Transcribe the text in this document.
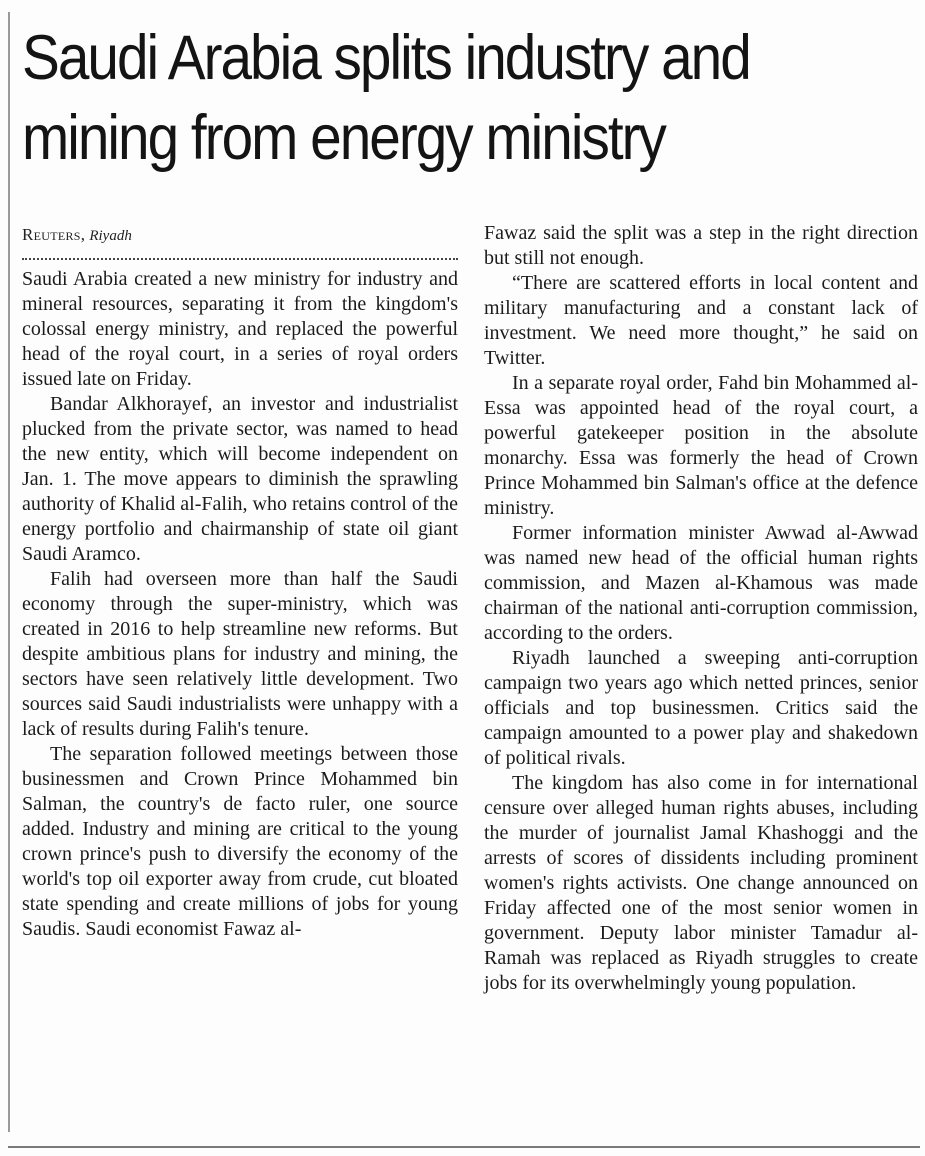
Saudi Arabia splits industry and
mining from energy ministry
Reuters, Riyadh

Saudi Arabia created a new ministry for industry and mineral resources, separating it from the kingdom's colossal energy ministry, and replaced the powerful head of the royal court, in a series of royal orders issued late on Friday.

Bandar Alkhorayef, an investor and industrialist plucked from the private sector, was named to head the new entity, which will become independent on Jan. 1. The move appears to diminish the sprawling authority of Khalid al-Falih, who retains control of the energy portfolio and chairmanship of state oil giant Saudi Aramco.

Falih had overseen more than half the Saudi economy through the super-ministry, which was created in 2016 to help streamline new reforms. But despite ambitious plans for industry and mining, the sectors have seen relatively little development. Two sources said Saudi industrialists were unhappy with a lack of results during Falih's tenure.

The separation followed meetings between those businessmen and Crown Prince Mohammed bin Salman, the country's de facto ruler, one source added. Industry and mining are critical to the young crown prince's push to diversify the economy of the world's top oil exporter away from crude, cut bloated state spending and create millions of jobs for young Saudis. Saudi economist Fawaz al-

Fawaz said the split was a step in the right direction but still not enough.

“There are scattered efforts in local content and military manufacturing and a constant lack of investment. We need more thought,” he said on Twitter.

In a separate royal order, Fahd bin Mohammed al-Essa was appointed head of the royal court, a powerful gatekeeper position in the absolute monarchy. Essa was formerly the head of Crown Prince Mohammed bin Salman's office at the defence ministry.

Former information minister Awwad al-Awwad was named new head of the official human rights commission, and Mazen al-Khamous was made chairman of the national anti-corruption commission, according to the orders.

Riyadh launched a sweeping anti-corruption campaign two years ago which netted princes, senior officials and top businessmen. Critics said the campaign amounted to a power play and shakedown of political rivals.

The kingdom has also come in for international censure over alleged human rights abuses, including the murder of journalist Jamal Khashoggi and the arrests of scores of dissidents including prominent women's rights activists. One change announced on Friday affected one of the most senior women in government. Deputy labor minister Tamadur al-Ramah was replaced as Riyadh struggles to create jobs for its overwhelmingly young population.
